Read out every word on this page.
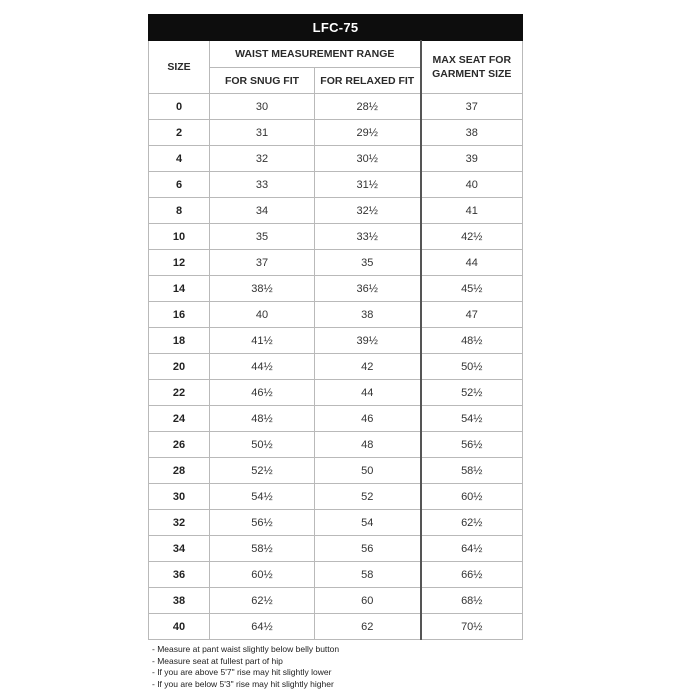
LFC-75			
SIZE	WAIST MEASUREMENT RANGE		MAX SEAT FOR GARMENT SIZE
	FOR SNUG FIT	FOR RELAXED FIT	
0	30	28½	37
2	31	29½	38
4	32	30½	39
6	33	31½	40
8	34	32½	41
10	35	33½	42½
12	37	35	44
14	38½	36½	45½
16	40	38	47
18	41½	39½	48½
20	44½	42	50½
22	46½	44	52½
24	48½	46	54½
26	50½	48	56½
28	52½	50	58½
30	54½	52	60½
32	56½	54	62½
34	58½	56	64½
36	60½	58	66½
38	62½	60	68½
40	64½	62	70½
- Measure at pant waist slightly below belly button
- Measure seat at fullest part of hip
- If you are above 5'7" rise may hit slightly lower
- If you are below 5'3" rise may hit slightly higher
